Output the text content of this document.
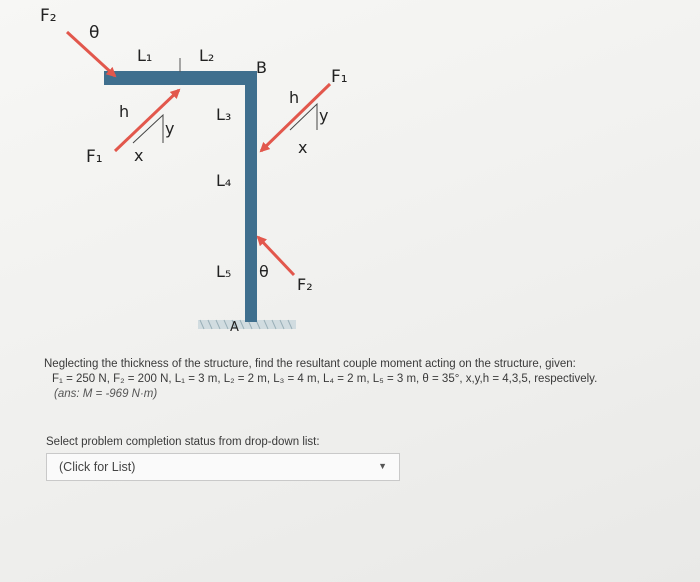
F₂
θ
L₁	L₂
B	F₁
h
y
x
h
y
L₃
F₁ x
L₄
L₅ θ
F₂
A
Neglecting the thickness of the structure, find the resultant couple moment acting on the structure, given:
F₁ = 250 N, F₂ = 200 N, L₁ = 3 m, L₂ = 2 m, L₃ = 4 m, L₄ = 2 m, L₅ = 3 m, θ = 35°, x,y,h = 4,3,5, respectively.
(ans: M = -969 N·m)
Select problem completion status from drop-down list:
(Click for List)	▼
